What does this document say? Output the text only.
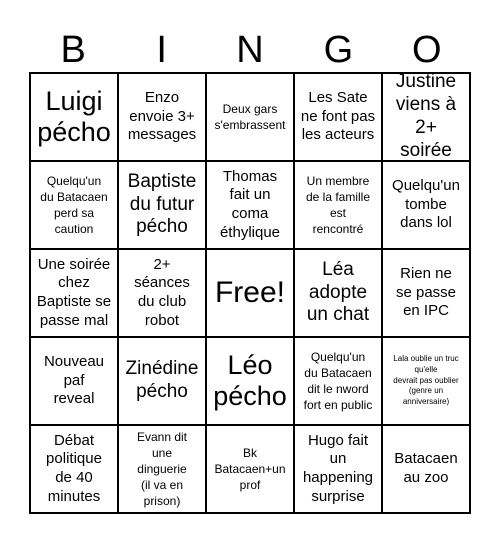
B	I	N	G	O
Luigi
pécho
Enzo
envoie 3+
messages
Deux gars
s'embrassent
Les Sate
ne font pas
les acteurs
Justine
viens à
2+ soirée
Quelqu'un
du Batacaen
perd sa
caution
Baptiste
du futur
pécho
Thomas
fait un
coma
éthylique
Un membre
de la famille
est
rencontré
Quelqu'un
tombe
dans lol
Une soirée
chez
Baptiste se
passe mal
2+
séances
du club
robot
Free!
Léa
adopte
un chat
Rien ne
se passe
en IPC
Nouveau
paf
reveal
Zinédine
pécho
Léo
pécho
Quelqu'un
du Batacaen
dit le nword
fort en public
Lala oublie un truc
qu'elle
devrait pas oublier
(genre un
anniversaire)
Débat
politique
de 40
minutes
Evann dit
une
dinguerie
(il va en
prison)
Bk
Batacaen+un
prof
Hugo fait
un
happening
surprise
Batacaen
au zoo
